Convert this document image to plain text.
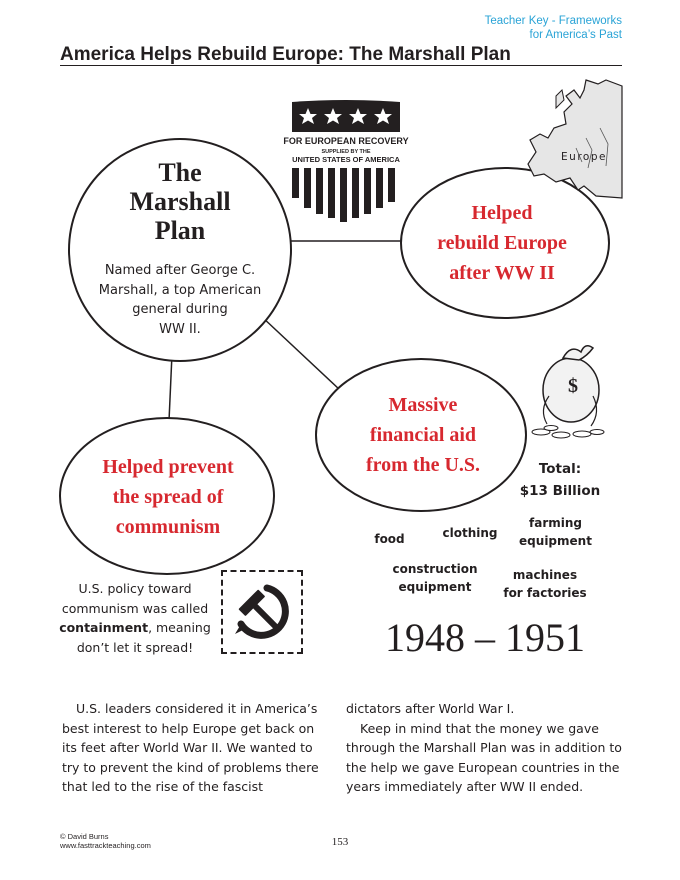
Teacher Key - Frameworks
for America’s Past
America Helps Rebuild Europe: The Marshall Plan
FOR EUROPEAN RECOVERY
SUPPLIED BY THE
UNITED STATES OF AMERICA	Europe
$
The
Marshall
Plan
Named after George C.
Marshall, a top American
general during
WW II.
Helped
rebuild Europe
after WW II
Massive
financial aid
from the U.S.
Helped prevent
the spread of
communism
Total:
$13 Billion
food	clothing
farming
equipment
construction
equipment
machines
for factories
1948 – 1951
U.S. policy toward
communism was called
containment, meaning
don’t let it spread!
U.S. leaders considered it in America’s best interest to help Europe get back on its feet after World War II. We wanted to try to prevent the kind of problems there that led to the rise of the fascist
dictators after World War I.
Keep in mind that the money we gave through the Marshall Plan was in addition to the help we gave European countries in the years immediately after WW II ended.
© David Burns
www.fasttrackteaching.com	153
